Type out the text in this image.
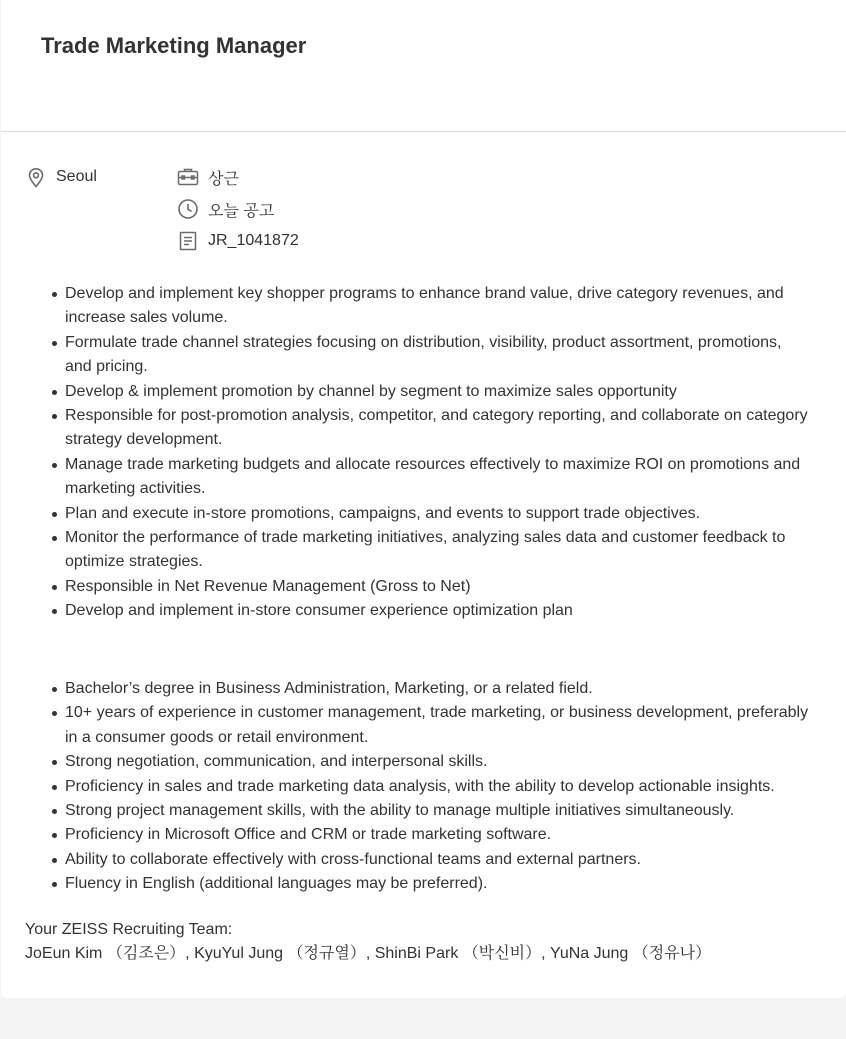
Trade Marketing Manager
Seoul	상근
오늘 공고
JR_1041872
Develop and implement key shopper programs to enhance brand value, drive category revenues, and increase sales volume.
Formulate trade channel strategies focusing on distribution, visibility, product assortment, promotions, and pricing.
Develop & implement promotion by channel by segment to maximize sales opportunity
Responsible for post-promotion analysis, competitor, and category reporting, and collaborate on category strategy development.
Manage trade marketing budgets and allocate resources effectively to maximize ROI on promotions and marketing activities.
Plan and execute in-store promotions, campaigns, and events to support trade objectives.
Monitor the performance of trade marketing initiatives, analyzing sales data and customer feedback to optimize strategies.
Responsible in Net Revenue Management (Gross to Net)
Develop and implement in-store consumer experience optimization plan
Bachelor’s degree in Business Administration, Marketing, or a related field.
10+ years of experience in customer management, trade marketing, or business development, preferably in a consumer goods or retail environment.
Strong negotiation, communication, and interpersonal skills.
Proficiency in sales and trade marketing data analysis, with the ability to develop actionable insights.
Strong project management skills, with the ability to manage multiple initiatives simultaneously.
Proficiency in Microsoft Office and CRM or trade marketing software.
Ability to collaborate effectively with cross-functional teams and external partners.
Fluency in English (additional languages may be preferred).
Your ZEISS Recruiting Team:
JoEun Kim （김조은）, KyuYul Jung （정규열）, ShinBi Park （박신비）, YuNa Jung （정유나）
